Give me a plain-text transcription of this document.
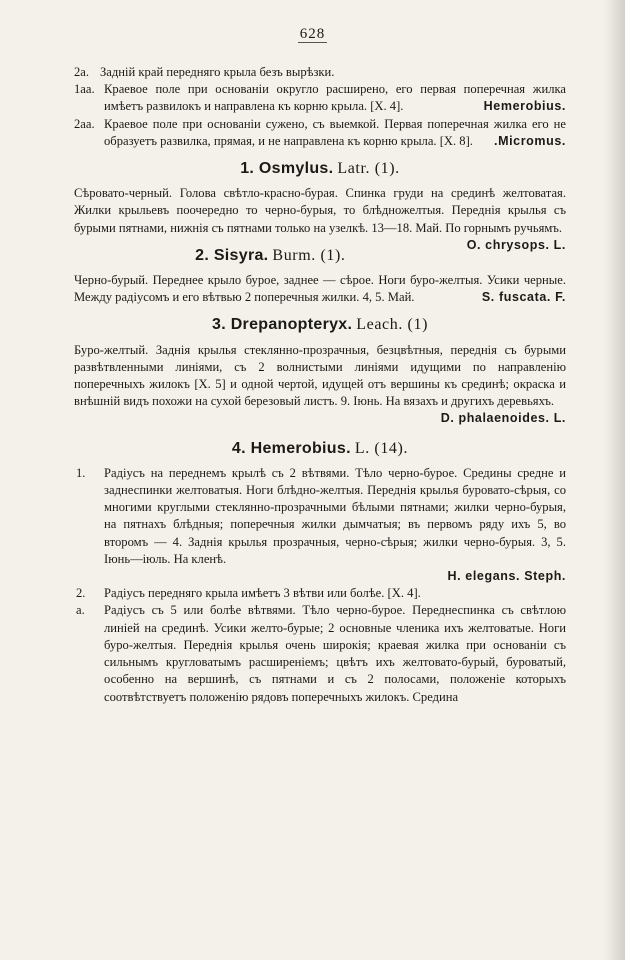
628
2а. Задній край передняго крыла безъ вырѣзки.
1аа. Краевое поле при основаніи округло расширено, его первая поперечная жилка имѣетъ развилокъ и направлена къ корню крыла. [X. 4].	Hemerobius.
2аа. Краевое поле при основаніи сужено, съ выемкой. Первая поперечная жилка его не образуетъ развилка, прямая, и не направлена къ корню крыла. [X. 8]. .Micromus.
1. Osmylus. Latr. (1).
Сѣровато-черный. Голова свѣтло-красно-бурая. Спинка груди на срединѣ желтоватая. Жилки крыльевъ поочередно то черно-бурыя, то блѣдножелтыя. Переднія крылья съ бурыми пятнами, нижнія съ пятнами только на узелкѣ. 13—18. Май. По горнымъ ручьямъ.
O. chrysops. L.
2. Sisyra. Burm. (1).
Черно-бурый. Переднее крыло бурое, заднее — сѣрое. Ноги буро-желтыя. Усики черные. Между радіусомъ и его вѣтвью 2 поперечныя жилки. 4, 5. Май.	S. fuscata. F.
3. Drepanopteryx. Leach. (1)
Буро-желтый. Заднія крылья стеклянно-прозрачныя, безцвѣтныя, переднія съ бурыми развѣтвленными линіями, съ 2 волнистыми линіями идущими по направленію поперечныхъ жилокъ [X. 5] и одной чертой, идущей отъ вершины къ срединѣ; окраска и внѣшній видъ похожи на сухой березовый листъ. 9. Іюнь. На вязахъ и другихъ деревьяхъ.
D. phalaenoides. L.
4. Hemerobius. L. (14).
1.	Радіусъ на переднемъ крылѣ съ 2 вѣтвями. Тѣло черно-бурое. Средины средне и заднеспинки желтоватыя. Ноги блѣдно-желтыя. Переднія крылья буровато-сѣрыя, со многими круглыми стеклянно-прозрачными бѣлыми пятнами; жилки черно-бурыя, на пятнахъ блѣдныя; поперечныя жилки дымчатыя; въ первомъ ряду ихъ 5, во второмъ — 4. Заднія крылья прозрачныя, черно-сѣрыя; жилки черно-бурыя. 3, 5. Іюнь—іюль. На кленѣ.
H. elegans. Steph.
2.	Радіусъ передняго крыла имѣетъ 3 вѣтви или болѣе. [X. 4].
а.	Радіусъ съ 5 или болѣе вѣтвями. Тѣло черно-бурое. Переднеспинка съ свѣтлою линіей на срединѣ. Усики желто-бурые; 2 основные членика ихъ желтоватые. Ноги буро-желтыя. Переднія крылья очень широкія; краевая жилка при основаніи съ сильнымъ кругловатымъ расширеніемъ; цвѣтъ ихъ желтовато-бурый, буроватый, особенно на вершинѣ, съ пятнами и съ 2 полосами, положеніе которыхъ соотвѣтствуетъ положенію рядовъ поперечныхъ жилокъ. Средина
